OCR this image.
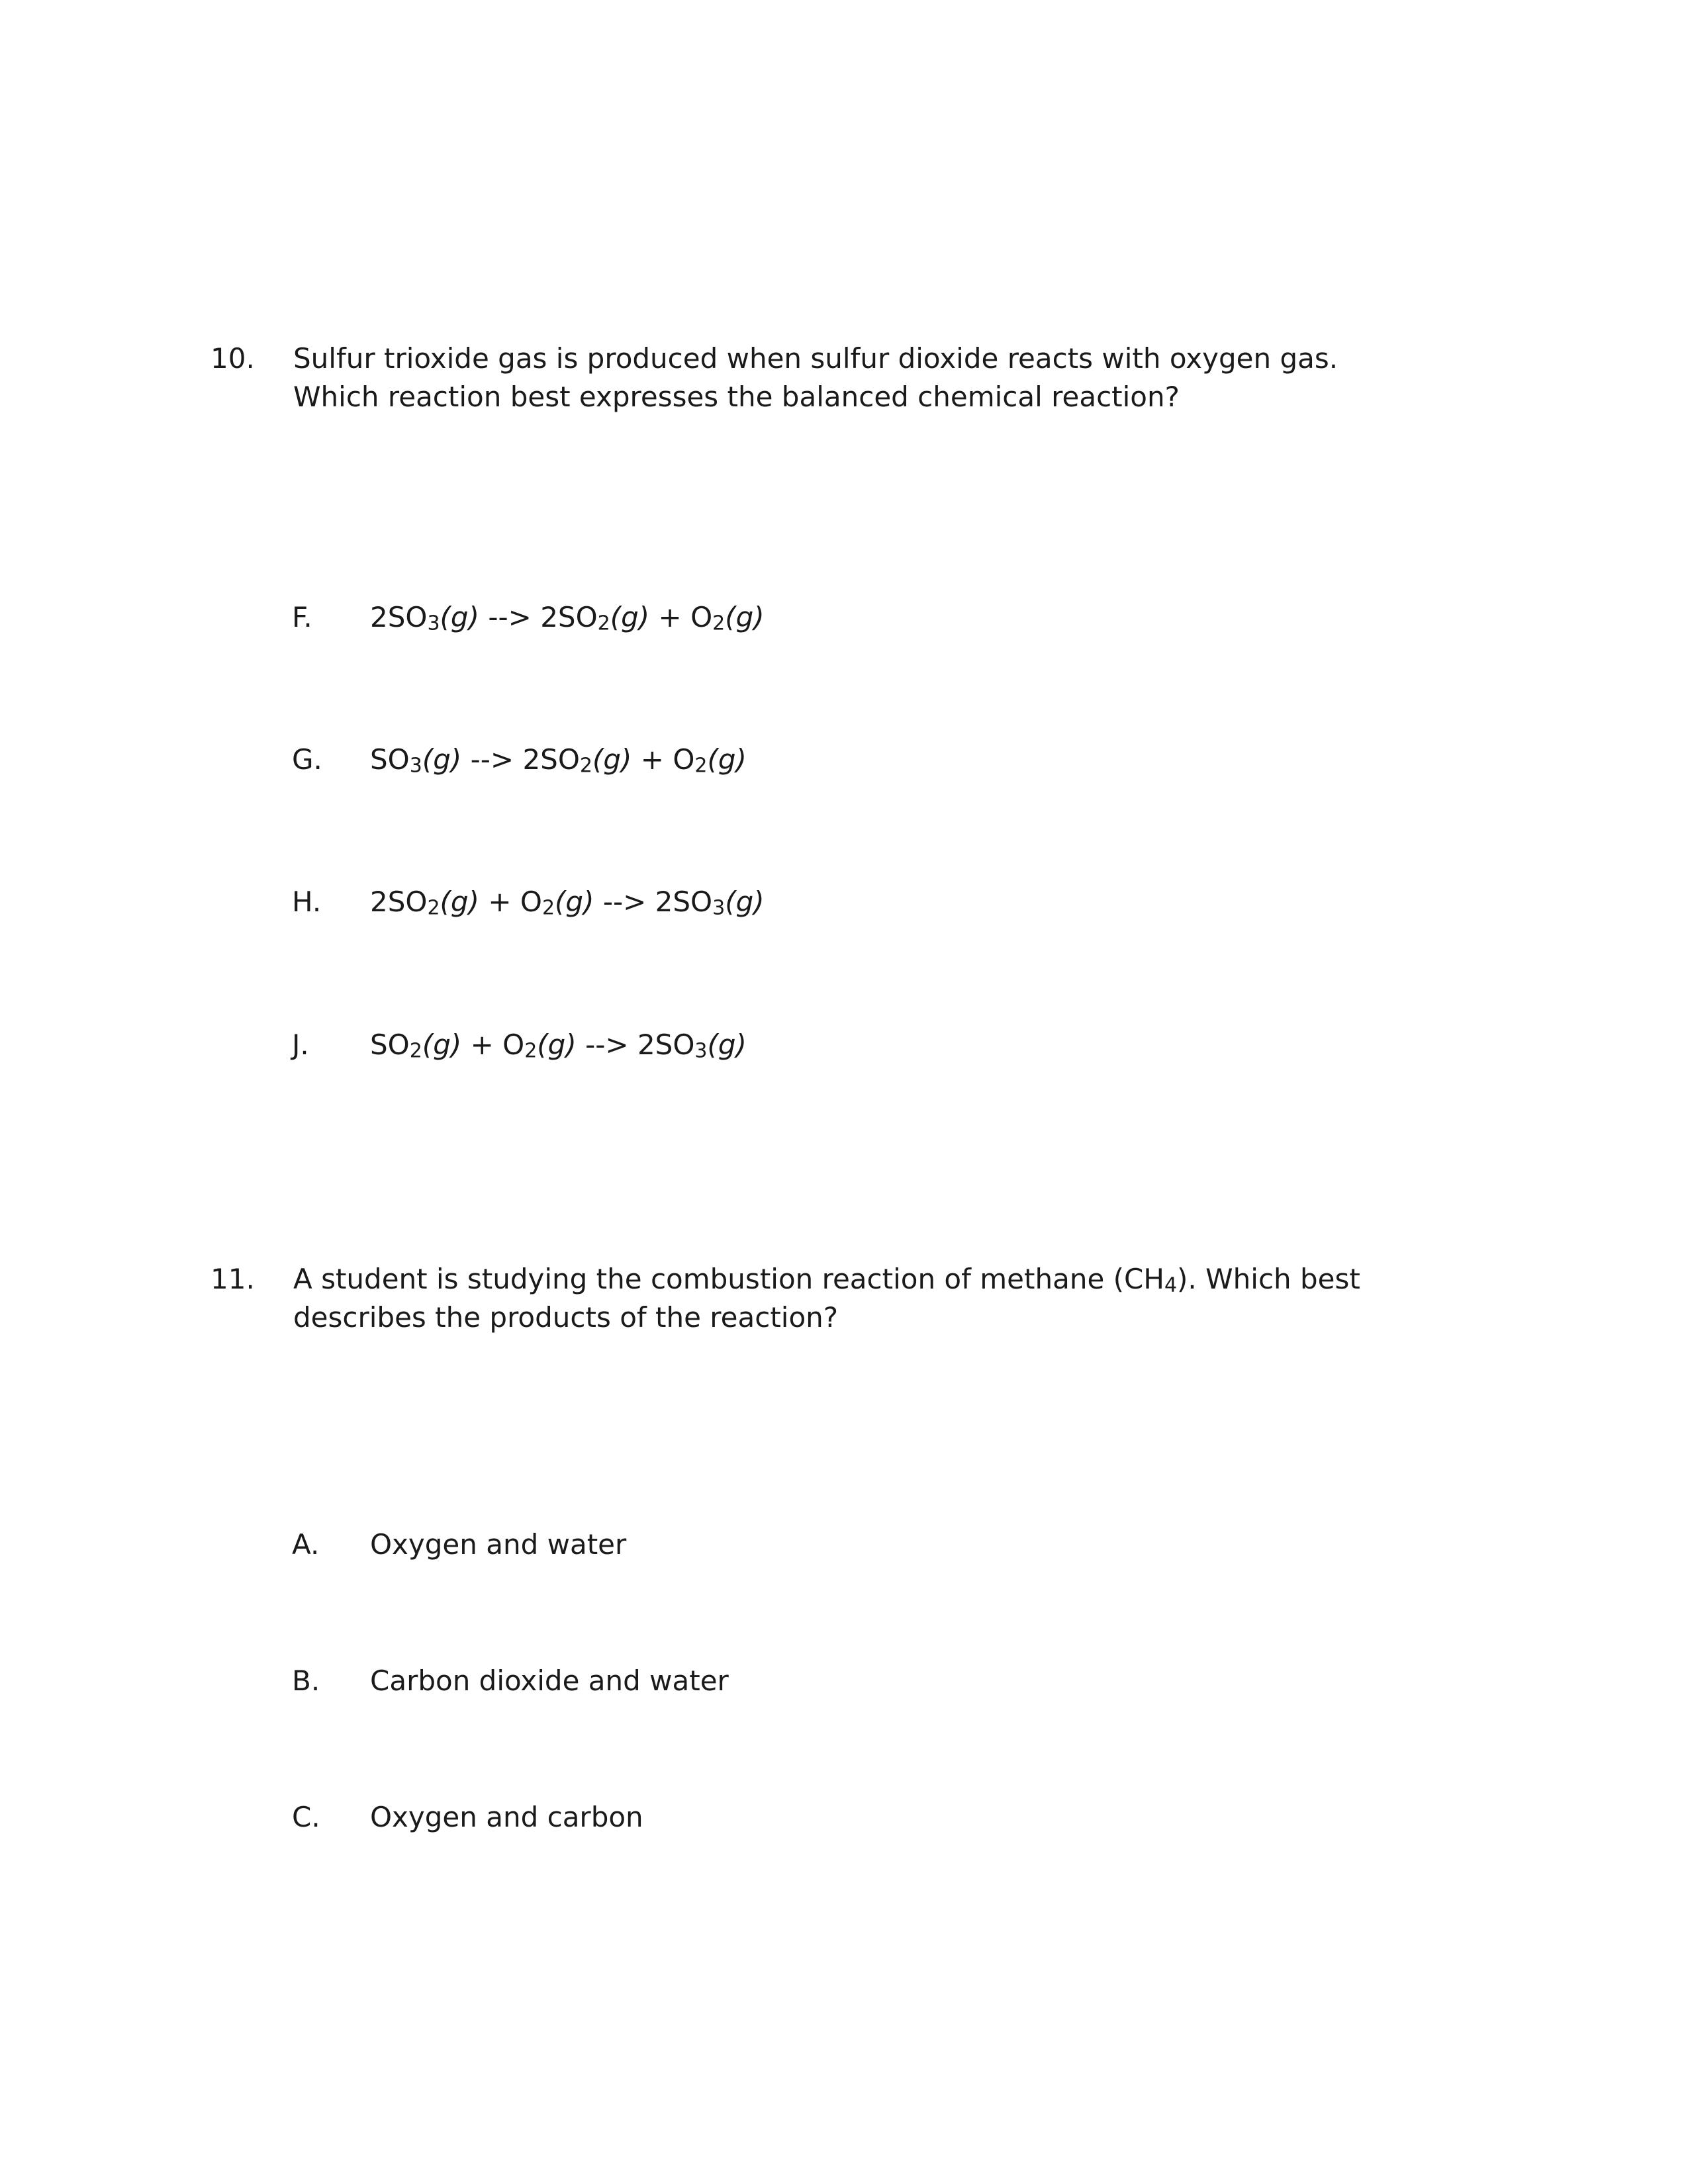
10. Sulfur trioxide gas is produced when sulfur dioxide reacts with oxygen gas.
Which reaction best expresses the balanced chemical reaction?
F. $2SO_3(g)$ --> $2SO_2(g) + O_2(g)$
G. $SO_3(g)$ --> $2SO_2(g) + O_2(g)$
H. $2SO_2(g) + O_2(g)$ --> $2SO_3(g)$
J. $SO_2(g) + O_2(g)$ --> $2SO_3(g)$
11. A student is studying the combustion reaction of methane $(CH_4)$. Which best
describes the products of the reaction?
A. Oxygen and water
B. Carbon dioxide and water
C. Oxygen and carbon
